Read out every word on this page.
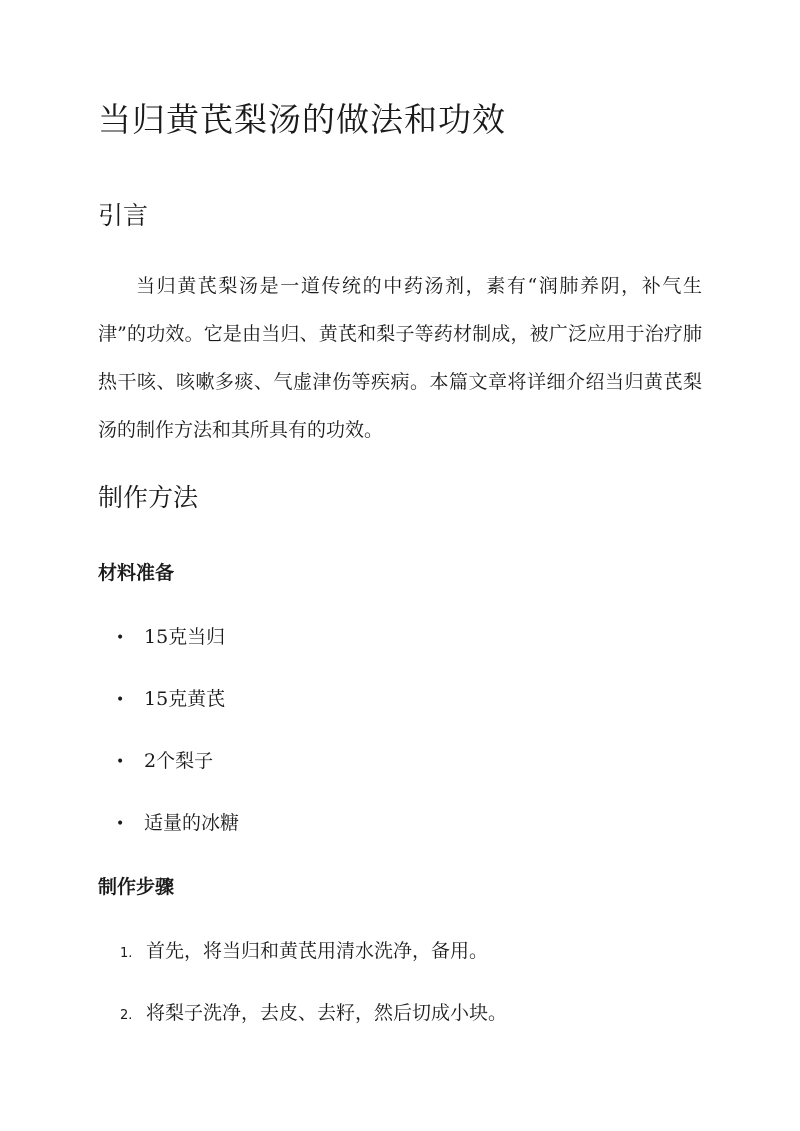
当归黄芪梨汤的做法和功效
引言

当归黄芪梨汤是一道传统的中药汤剂，素有“润肺养阴，补气生津”的功效。它是由当归、黄芪和梨子等药材制成，被广泛应用于治疗肺热干咳、咳嗽多痰、气虚津伤等疾病。本篇文章将详细介绍当归黄芪梨汤的制作方法和其所具有的功效。

制作方法
材料准备
• 15克当归
• 15克黄芪
• 2个梨子
• 适量的冰糖
制作步骤
1. 首先，将当归和黄芪用清水洗净，备用。
2. 将梨子洗净，去皮、去籽，然后切成小块。
